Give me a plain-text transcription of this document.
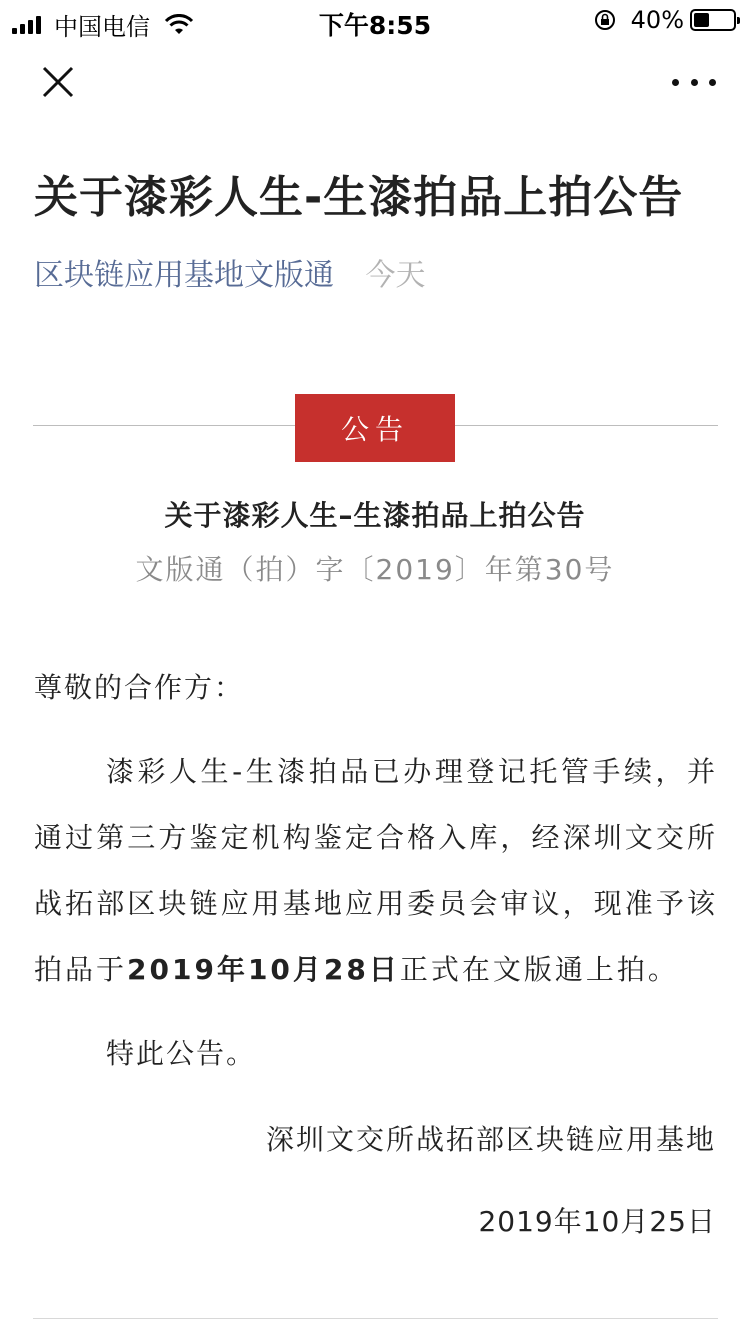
中国电信	下午8:55	40%
关于漆彩人生-生漆拍品上拍公告
区块链应用基地文版通 今天
公告
关于漆彩人生–生漆拍品上拍公告
文版通（拍）字〔2019〕年第30号
尊敬的合作方：
漆彩人生-生漆拍品已办理登记托管手续，并通过第三方鉴定机构鉴定合格入库，经深圳文交所战拓部区块链应用基地应用委员会审议，现准予该拍品于2019年10月28日正式在文版通上拍。
特此公告。
深圳文交所战拓部区块链应用基地
2019年10月25日
